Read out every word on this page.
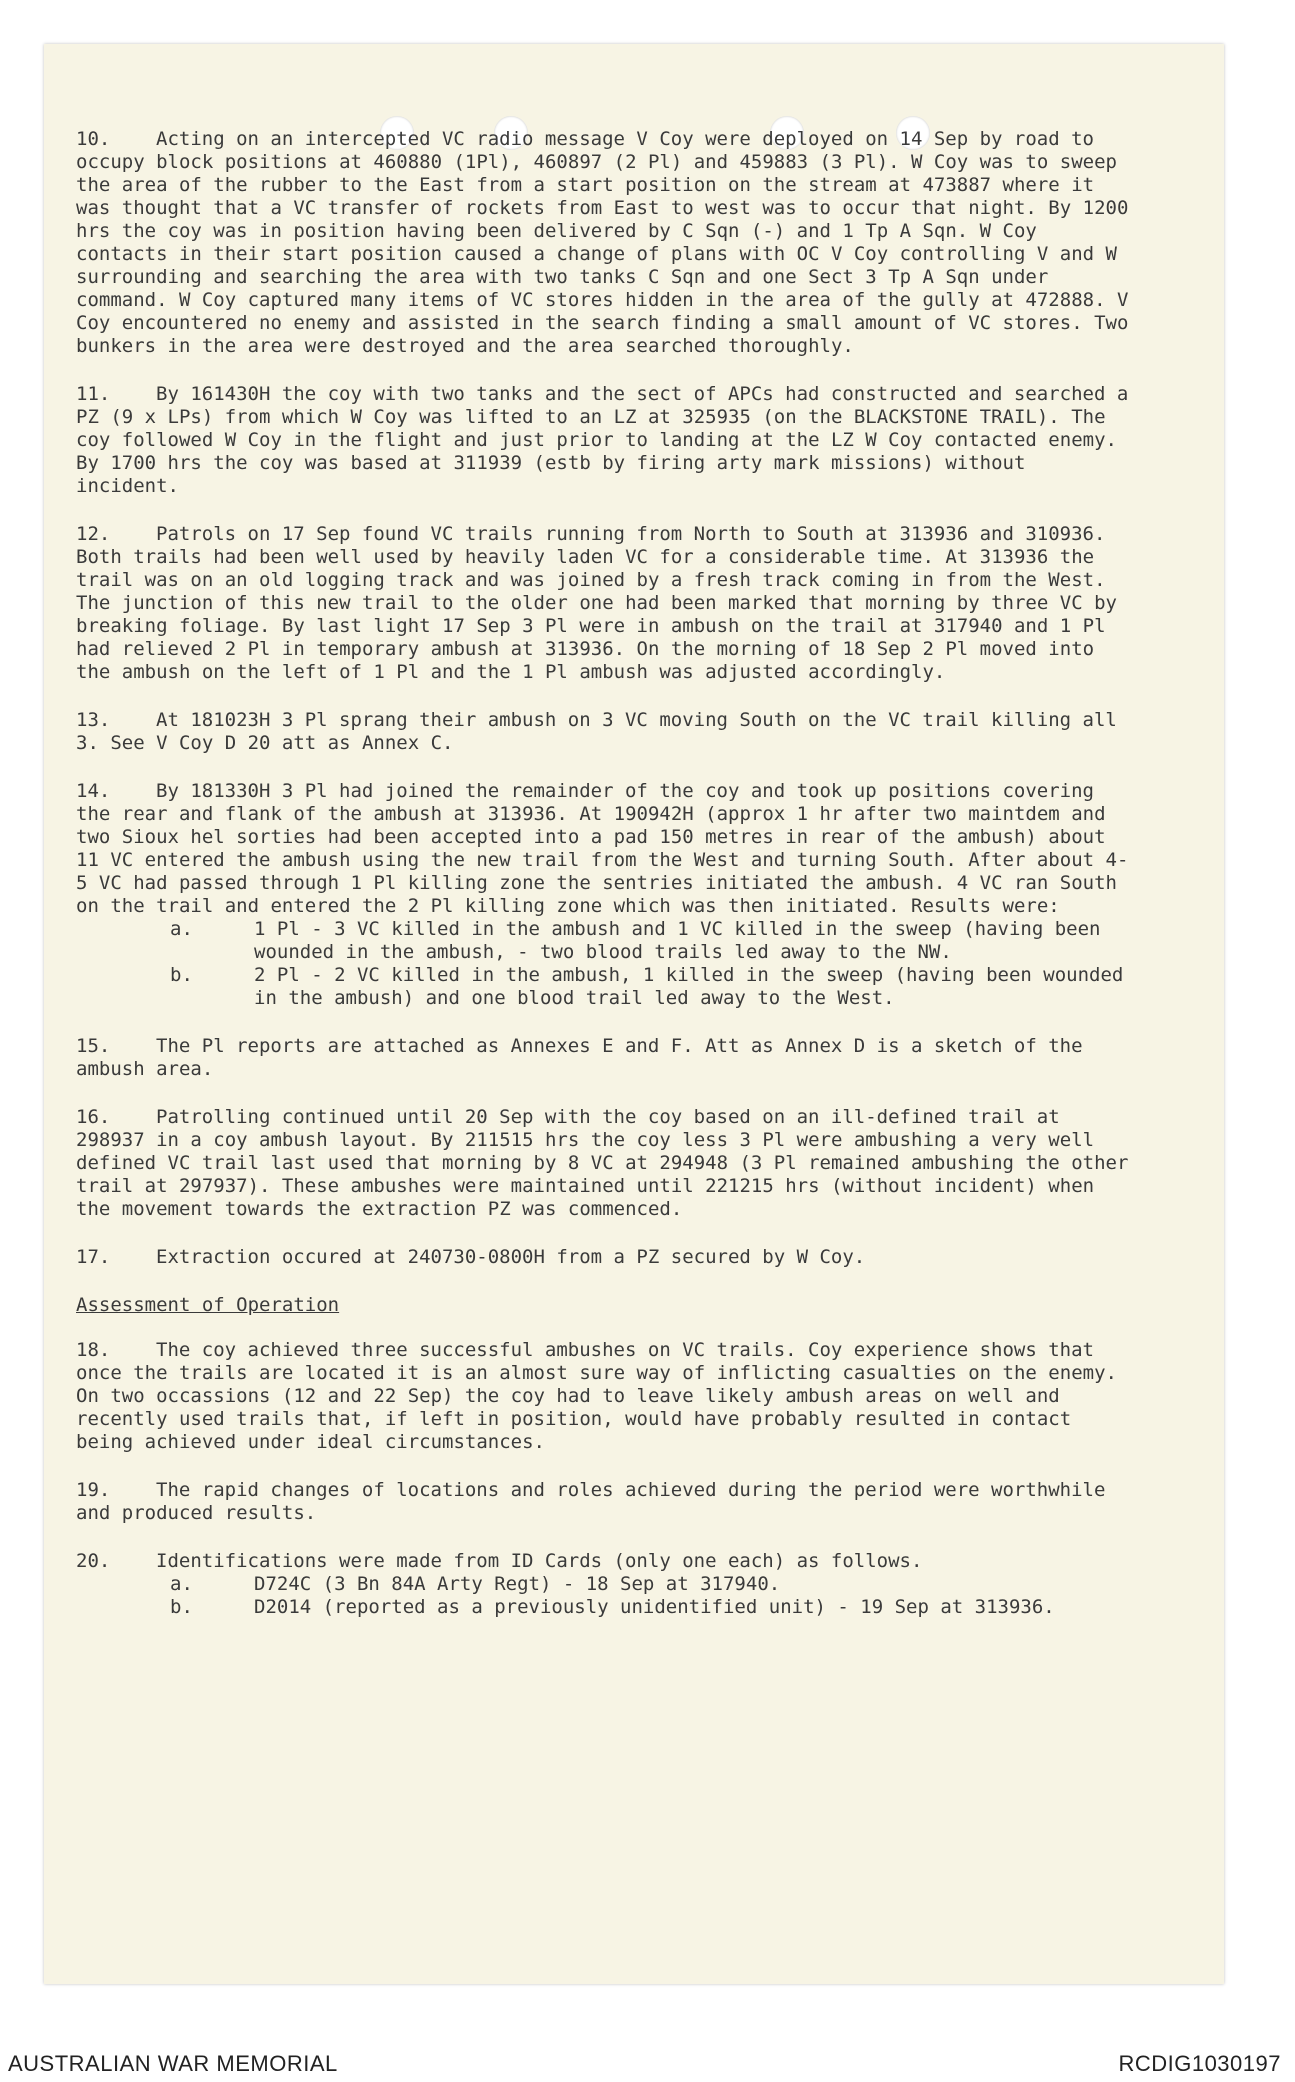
10. Acting on an intercepted VC radio message V Coy were deployed on 14 Sep by road to occupy block positions at 460880 (1Pl), 460897 (2 Pl) and 459883 (3 Pl). W Coy was to sweep the area of the rubber to the East from a start position on the stream at 473887 where it was thought that a VC transfer of rockets from East to west was to occur that night. By 1200 hrs the coy was in position having been delivered by C Sqn (-) and 1 Tp A Sqn. W Coy contacts in their start position caused a change of plans with OC V Coy controlling V and W surrounding and searching the area with two tanks C Sqn and one Sect 3 Tp A Sqn under command. W Coy captured many items of VC stores hidden in the area of the gully at 472888. V Coy encountered no enemy and assisted in the search finding a small amount of VC stores. Two bunkers in the area were destroyed and the area searched thoroughly.

11. By 161430H the coy with two tanks and the sect of APCs had constructed and searched a PZ (9 x LPs) from which W Coy was lifted to an LZ at 325935 (on the BLACKSTONE TRAIL). The coy followed W Coy in the flight and just prior to landing at the LZ W Coy contacted enemy. By 1700 hrs the coy was based at 311939 (estb by firing arty mark missions) without incident.

12. Patrols on 17 Sep found VC trails running from North to South at 313936 and 310936. Both trails had been well used by heavily laden VC for a considerable time. At 313936 the trail was on an old logging track and was joined by a fresh track coming in from the West. The junction of this new trail to the older one had been marked that morning by three VC by breaking foliage. By last light 17 Sep 3 Pl were in ambush on the trail at 317940 and 1 Pl had relieved 2 Pl in temporary ambush at 313936. On the morning of 18 Sep 2 Pl moved into the ambush on the left of 1 Pl and the 1 Pl ambush was adjusted accordingly.

13. At 181023H 3 Pl sprang their ambush on 3 VC moving South on the VC trail killing all 3. See V Coy D 20 att as Annex C.

14. By 181330H 3 Pl had joined the remainder of the coy and took up positions covering the rear and flank of the ambush at 313936. At 190942H (approx 1 hr after two maintdem and two Sioux hel sorties had been accepted into a pad 150 metres in rear of the ambush) about 11 VC entered the ambush using the new trail from the West and turning South. After about 4-5 VC had passed through 1 Pl killing zone the sentries initiated the ambush. 4 VC ran South on the trail and entered the 2 Pl killing zone which was then initiated. Results were:

a.	1 Pl - 3 VC killed in the ambush and 1 VC killed in the sweep (having been wounded in the ambush, - two blood trails led away to the NW.
b.	2 Pl - 2 VC killed in the ambush, 1 killed in the sweep (having been wounded in the ambush) and one blood trail led away to the West.

15. The Pl reports are attached as Annexes E and F. Att as Annex D is a sketch of the ambush area.

16. Patrolling continued until 20 Sep with the coy based on an ill-defined trail at 298937 in a coy ambush layout. By 211515 hrs the coy less 3 Pl were ambushing a very well defined VC trail last used that morning by 8 VC at 294948 (3 Pl remained ambushing the other trail at 297937). These ambushes were maintained until 221215 hrs (without incident) when the movement towards the extraction PZ was commenced.

17. Extraction occured at 240730-0800H from a PZ secured by W Coy.

Assessment of Operation

18. The coy achieved three successful ambushes on VC trails. Coy experience shows that once the trails are located it is an almost sure way of inflicting casualties on the enemy. On two occassions (12 and 22 Sep) the coy had to leave likely ambush areas on well and recently used trails that, if left in position, would have probably resulted in contact being achieved under ideal circumstances.

19. The rapid changes of locations and roles achieved during the period were worthwhile and produced results.

20. Identifications were made from ID Cards (only one each) as follows.

a.	D724C (3 Bn 84A Arty Regt) - 18 Sep at 317940.
b.	D2014 (reported as a previously unidentified unit) - 19 Sep at 313936.
AUSTRALIAN WAR MEMORIAL	RCDIG1030197
